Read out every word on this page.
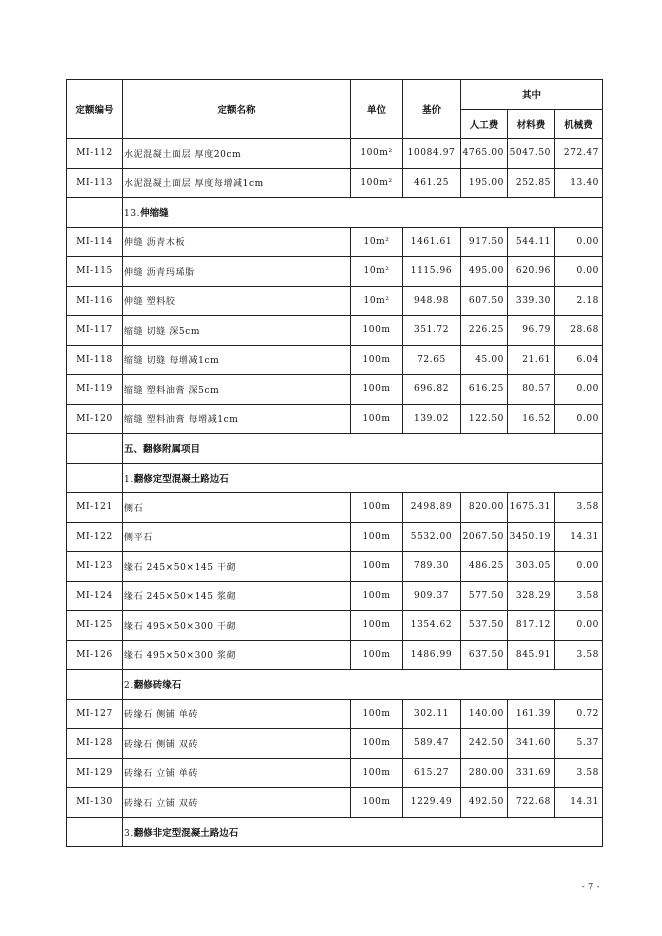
定额编号	定额名称	单位	基价	其中		
				人工费	材料费	机械费
MI-112	水泥混凝土面层 厚度20cm	100m²	10084.97	4765.00	5047.50	272.47
MI-113	水泥混凝土面层 厚度每增减1cm	100m²	461.25	195.00	252.85	13.40
	13.伸缩缝					
MI-114	伸缝 沥青木板	10m²	1461.61	917.50	544.11	0.00
MI-115	伸缝 沥青玛琋脂	10m²	1115.96	495.00	620.96	0.00
MI-116	伸缝 塑料胶	10m²	948.98	607.50	339.30	2.18
MI-117	缩缝 切缝 深5cm	100m	351.72	226.25	96.79	28.68
MI-118	缩缝 切缝 每增减1cm	100m	72.65	45.00	21.61	6.04
MI-119	缩缝 塑料油膏 深5cm	100m	696.82	616.25	80.57	0.00
MI-120	缩缝 塑料油膏 每增减1cm	100m	139.02	122.50	16.52	0.00
	五、翻修附属项目					
	1.翻修定型混凝土路边石					
MI-121	侧石	100m	2498.89	820.00	1675.31	3.58
MI-122	侧平石	100m	5532.00	2067.50	3450.19	14.31
MI-123	缘石 245×50×145 干砌	100m	789.30	486.25	303.05	0.00
MI-124	缘石 245×50×145 浆砌	100m	909.37	577.50	328.29	3.58
MI-125	缘石 495×50×300 干砌	100m	1354.62	537.50	817.12	0.00
MI-126	缘石 495×50×300 浆砌	100m	1486.99	637.50	845.91	3.58
	2.翻修砖缘石					
MI-127	砖缘石 侧铺 单砖	100m	302.11	140.00	161.39	0.72
MI-128	砖缘石 侧铺 双砖	100m	589.47	242.50	341.60	5.37
MI-129	砖缘石 立铺 单砖	100m	615.27	280.00	331.69	3.58
MI-130	砖缘石 立铺 双砖	100m	1229.49	492.50	722.68	14.31
	3.翻修非定型混凝土路边石					
- 7 -
